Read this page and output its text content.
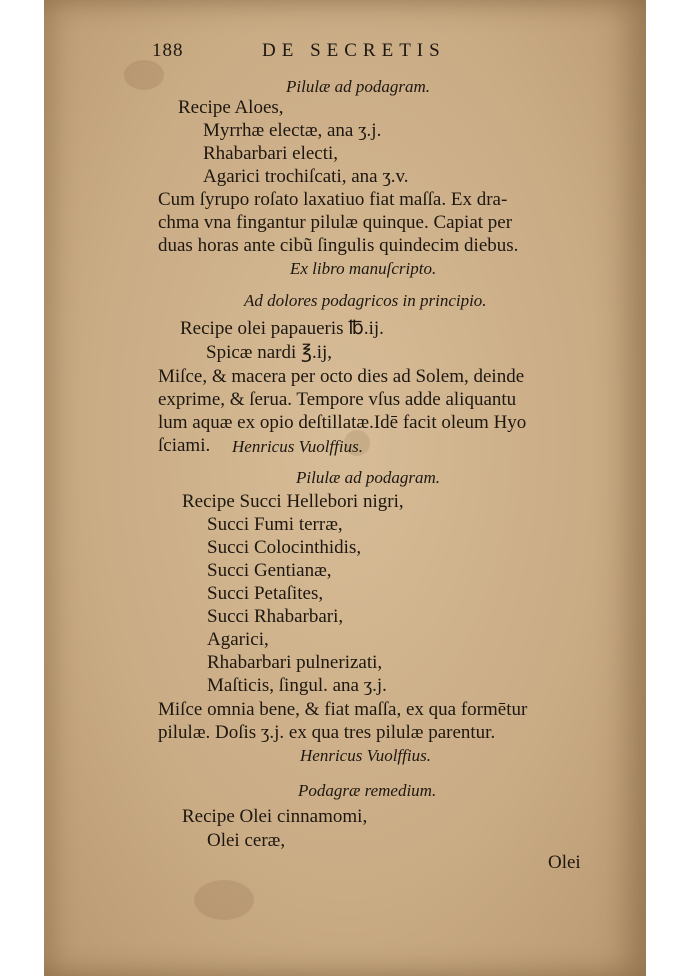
188	DE SECRETIS
Pilulæ ad podagram.
Recipe Aloes,
Myrrhæ electæ, ana ʒ.j.
Rhabarbari electi,
Agarici trochiſcati, ana ʒ.v.
Cum ſyrupo roſato laxatiuo fiat maſſa. Ex dra-
chma vna fingantur pilulæ quinque. Capiat per
duas horas ante cibũ ſingulis quindecim diebus.
Ex libro manuſcripto.
Ad dolores podagricos in principio.
Recipe olei papaueris ℔.ij.
Spicæ nardi ℥.ij,
Miſce, & macera per octo dies ad Solem, deinde
exprime, & ſerua. Tempore vſus adde aliquantu
lum aquæ ex opio deſtillatæ.Idē facit oleum Hyo
ſciami. Henricus Vuolffius.
Pilulæ ad podagram.
Recipe Succi Hellebori nigri,
Succi Fumi terræ,
Succi Colocinthidis,
Succi Gentianæ,
Succi Petaſites,
Succi Rhabarbari,
Agarici,
Rhabarbari pulnerizati,
Maſticis, ſingul. ana ʒ.j.
Miſce omnia bene, & fiat maſſa, ex qua formētur
pilulæ. Doſis ʒ.j. ex qua tres pilulæ parentur.
Henricus Vuolffius.
Podagræ remedium.
Recipe Olei cinnamomi,
Olei ceræ,
Olei
